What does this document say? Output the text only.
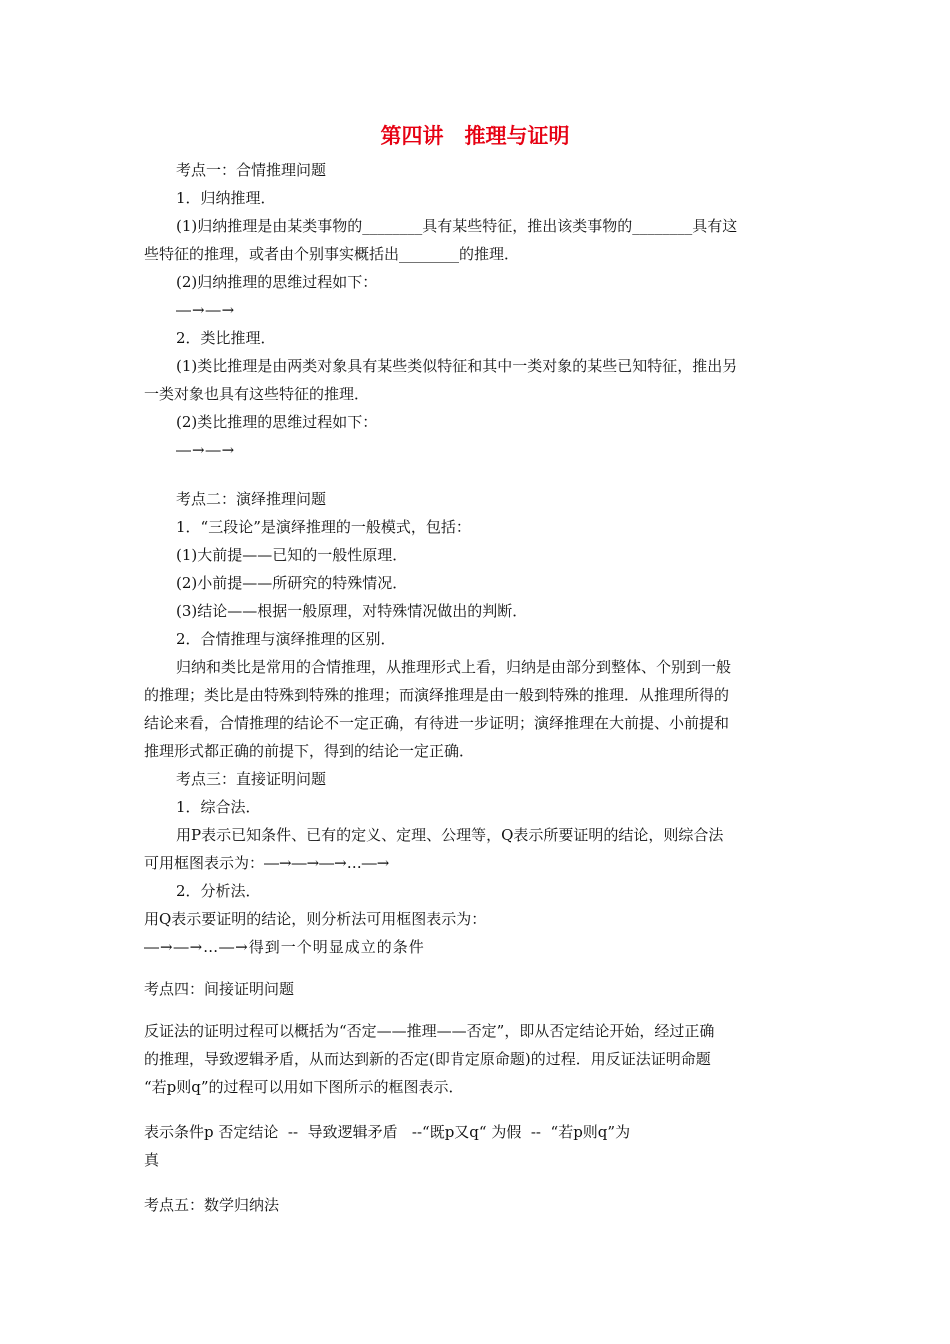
第四讲　推理与证明
考点一：合情推理问题
1．归纳推理．
(1)归纳推理是由某类事物的________具有某些特征，推出该类事物的________具有这
些特征的推理，或者由个别事实概括出________的推理．
(2)归纳推理的思维过程如下：
―→―→
2．类比推理．
(1)类比推理是由两类对象具有某些类似特征和其中一类对象的某些已知特征，推出另
一类对象也具有这些特征的推理．
(2)类比推理的思维过程如下：
―→―→
考点二：演绎推理问题
1．“三段论”是演绎推理的一般模式，包括：
(1)大前提——已知的一般性原理．
(2)小前提——所研究的特殊情况．
(3)结论——根据一般原理，对特殊情况做出的判断．
2．合情推理与演绎推理的区别．
归纳和类比是常用的合情推理，从推理形式上看，归纳是由部分到整体、个别到一般
的推理；类比是由特殊到特殊的推理；而演绎推理是由一般到特殊的推理．从推理所得的
结论来看，合情推理的结论不一定正确，有待进一步证明；演绎推理在大前提、小前提和
推理形式都正确的前提下，得到的结论一定正确．
考点三：直接证明问题
1．综合法．
用P表示已知条件、已有的定义、定理、公理等，Q表示所要证明的结论，则综合法
可用框图表示为：―→―→―→…―→
2．分析法．
用Q表示要证明的结论，则分析法可用框图表示为：
―→―→…―→得到一个明显成立的条件
考点四：间接证明问题
反证法的证明过程可以概括为“否定——推理——否定”，即从否定结论开始，经过正确
的推理，导致逻辑矛盾，从而达到新的否定(即肯定原命题)的过程．用反证法证明命题
“若p则q”的过程可以用如下图所示的框图表示．
表示条件p 否定结论  --  导致逻辑矛盾   --“既p又q“ 为假  --  “若p则q”为
真
考点五：数学归纳法
